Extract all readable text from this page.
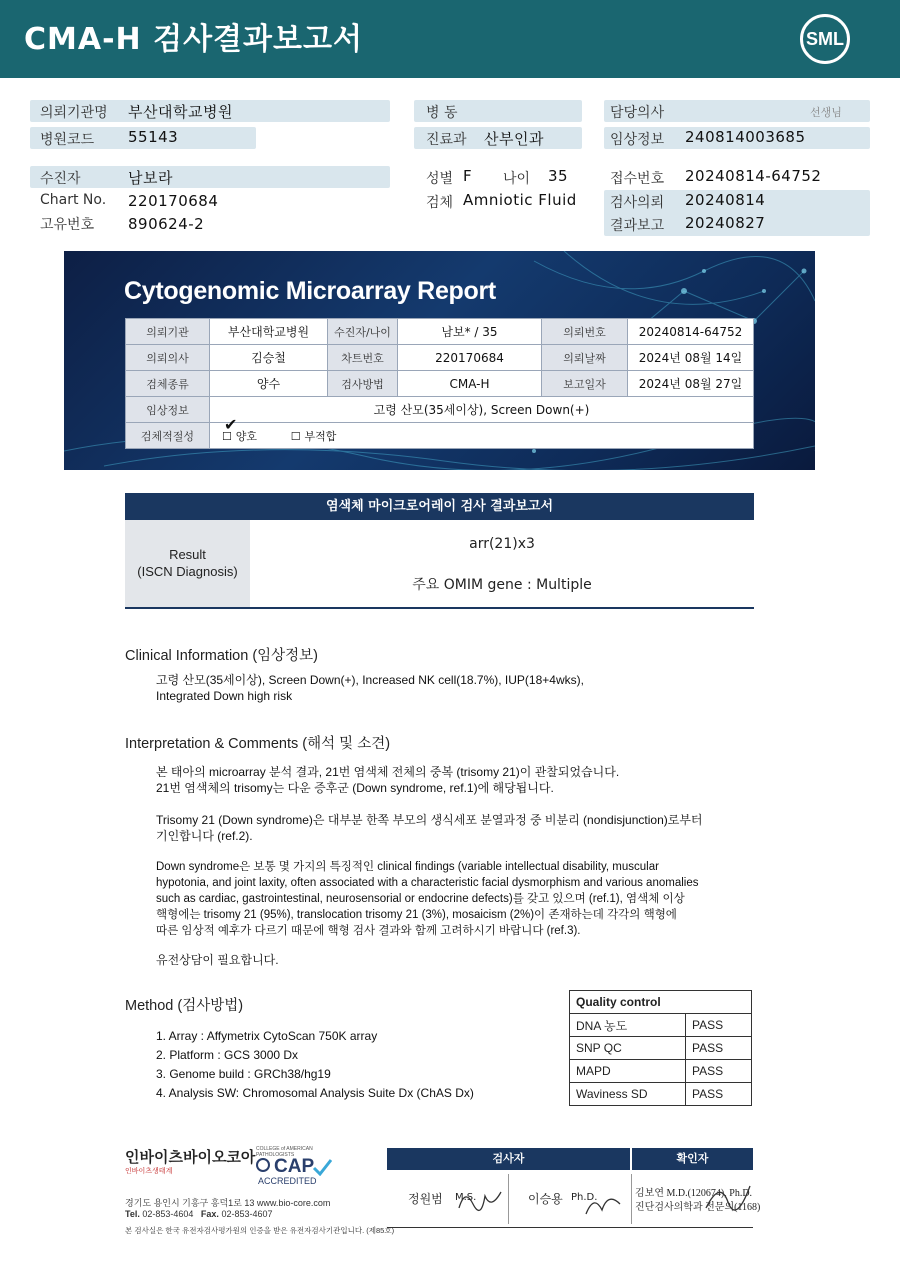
CMA-H 검사결과보고서	SML
의뢰기관명 부산대학교병원
병원코드 55143
병 동
진료과 산부인과
담당의사	선생님
임상정보 240814003685
수진자	남보라
Chart No. 220170684
고유번호 890624-2
성별 F 나이 35
검체 Amniotic Fluid
접수번호 20240814-64752
검사의뢰 20240814
결과보고 20240827
Cytogenomic Microarray Report
의뢰기관	부산대학교병원	수진자/나이	남보* / 35	의뢰번호	20240814-64752
의뢰의사	김승철	차트번호	220170684	의뢰날짜	2024년 08월 14일
검체종류	양수	검사방법	CMA-H	보고일자	2024년 08월 27일
임상정보	고령 산모(35세이상), Screen Down(+)				
검체적절성	✔
☐ 양호 ☐ 부적합				
염색체 마이크로어레이 검사 결과보고서
Result
(ISCN Diagnosis)
arr(21)x3
주요 OMIM gene : Multiple
Clinical Information (임상정보)
고령 산모(35세이상), Screen Down(+), Increased NK cell(18.7%), IUP(18+4wks),
Integrated Down high risk
Interpretation & Comments (해석 및 소견)
본 태아의 microarray 분석 결과, 21번 염색체 전체의 중복 (trisomy 21)이 관찰되었습니다.
21번 염색체의 trisomy는 다운 증후군 (Down syndrome, ref.1)에 해당됩니다.
Trisomy 21 (Down syndrome)은 대부분 한쪽 부모의 생식세포 분열과정 중 비분리 (nondisjunction)로부터
기인합니다 (ref.2).
Down syndrome은 보통 몇 가지의 특징적인 clinical findings (variable intellectual disability, muscular
hypotonia, and joint laxity, often associated with a characteristic facial dysmorphism and various anomalies
such as cardiac, gastrointestinal, neurosensorial or endocrine defects)를 갖고 있으며 (ref.1), 염색체 이상
핵형에는 trisomy 21 (95%), translocation trisomy 21 (3%), mosaicism (2%)이 존재하는데 각각의 핵형에
따른 임상적 예후가 다르기 때문에 핵형 검사 결과와 함께 고려하시기 바랍니다 (ref.3).
유전상담이 필요합니다.
Method (검사방법)
1. Array : Affymetrix CytoScan 750K array
2. Platform : GCS 3000 Dx
3. Genome build : GRCh38/hg19
4. Analysis SW: Chromosomal Analysis Suite Dx (ChAS Dx)
Quality control	
DNA 농도	PASS
SNP QC	PASS
MAPD	PASS
Waviness SD	PASS
인바이츠바이오코아
인바이츠생태계
COLLEGE of AMERICAN PATHOLOGISTS
CAP
ACCREDITED
경기도 용인시 기흥구 흥덕1로 13 www.bio-core.com
Tel. 02-853-4604 Fax. 02-853-4607
본 검사실은 한국 유전자검사평가원의 인증을 받은 유전자검사기관입니다. (제85호)
검사자	확인자
정원범 M.S.	이승용 Ph.D.	김보연 M.D.(120674), Ph.D.
진단검사의학과 전문의(1168)
